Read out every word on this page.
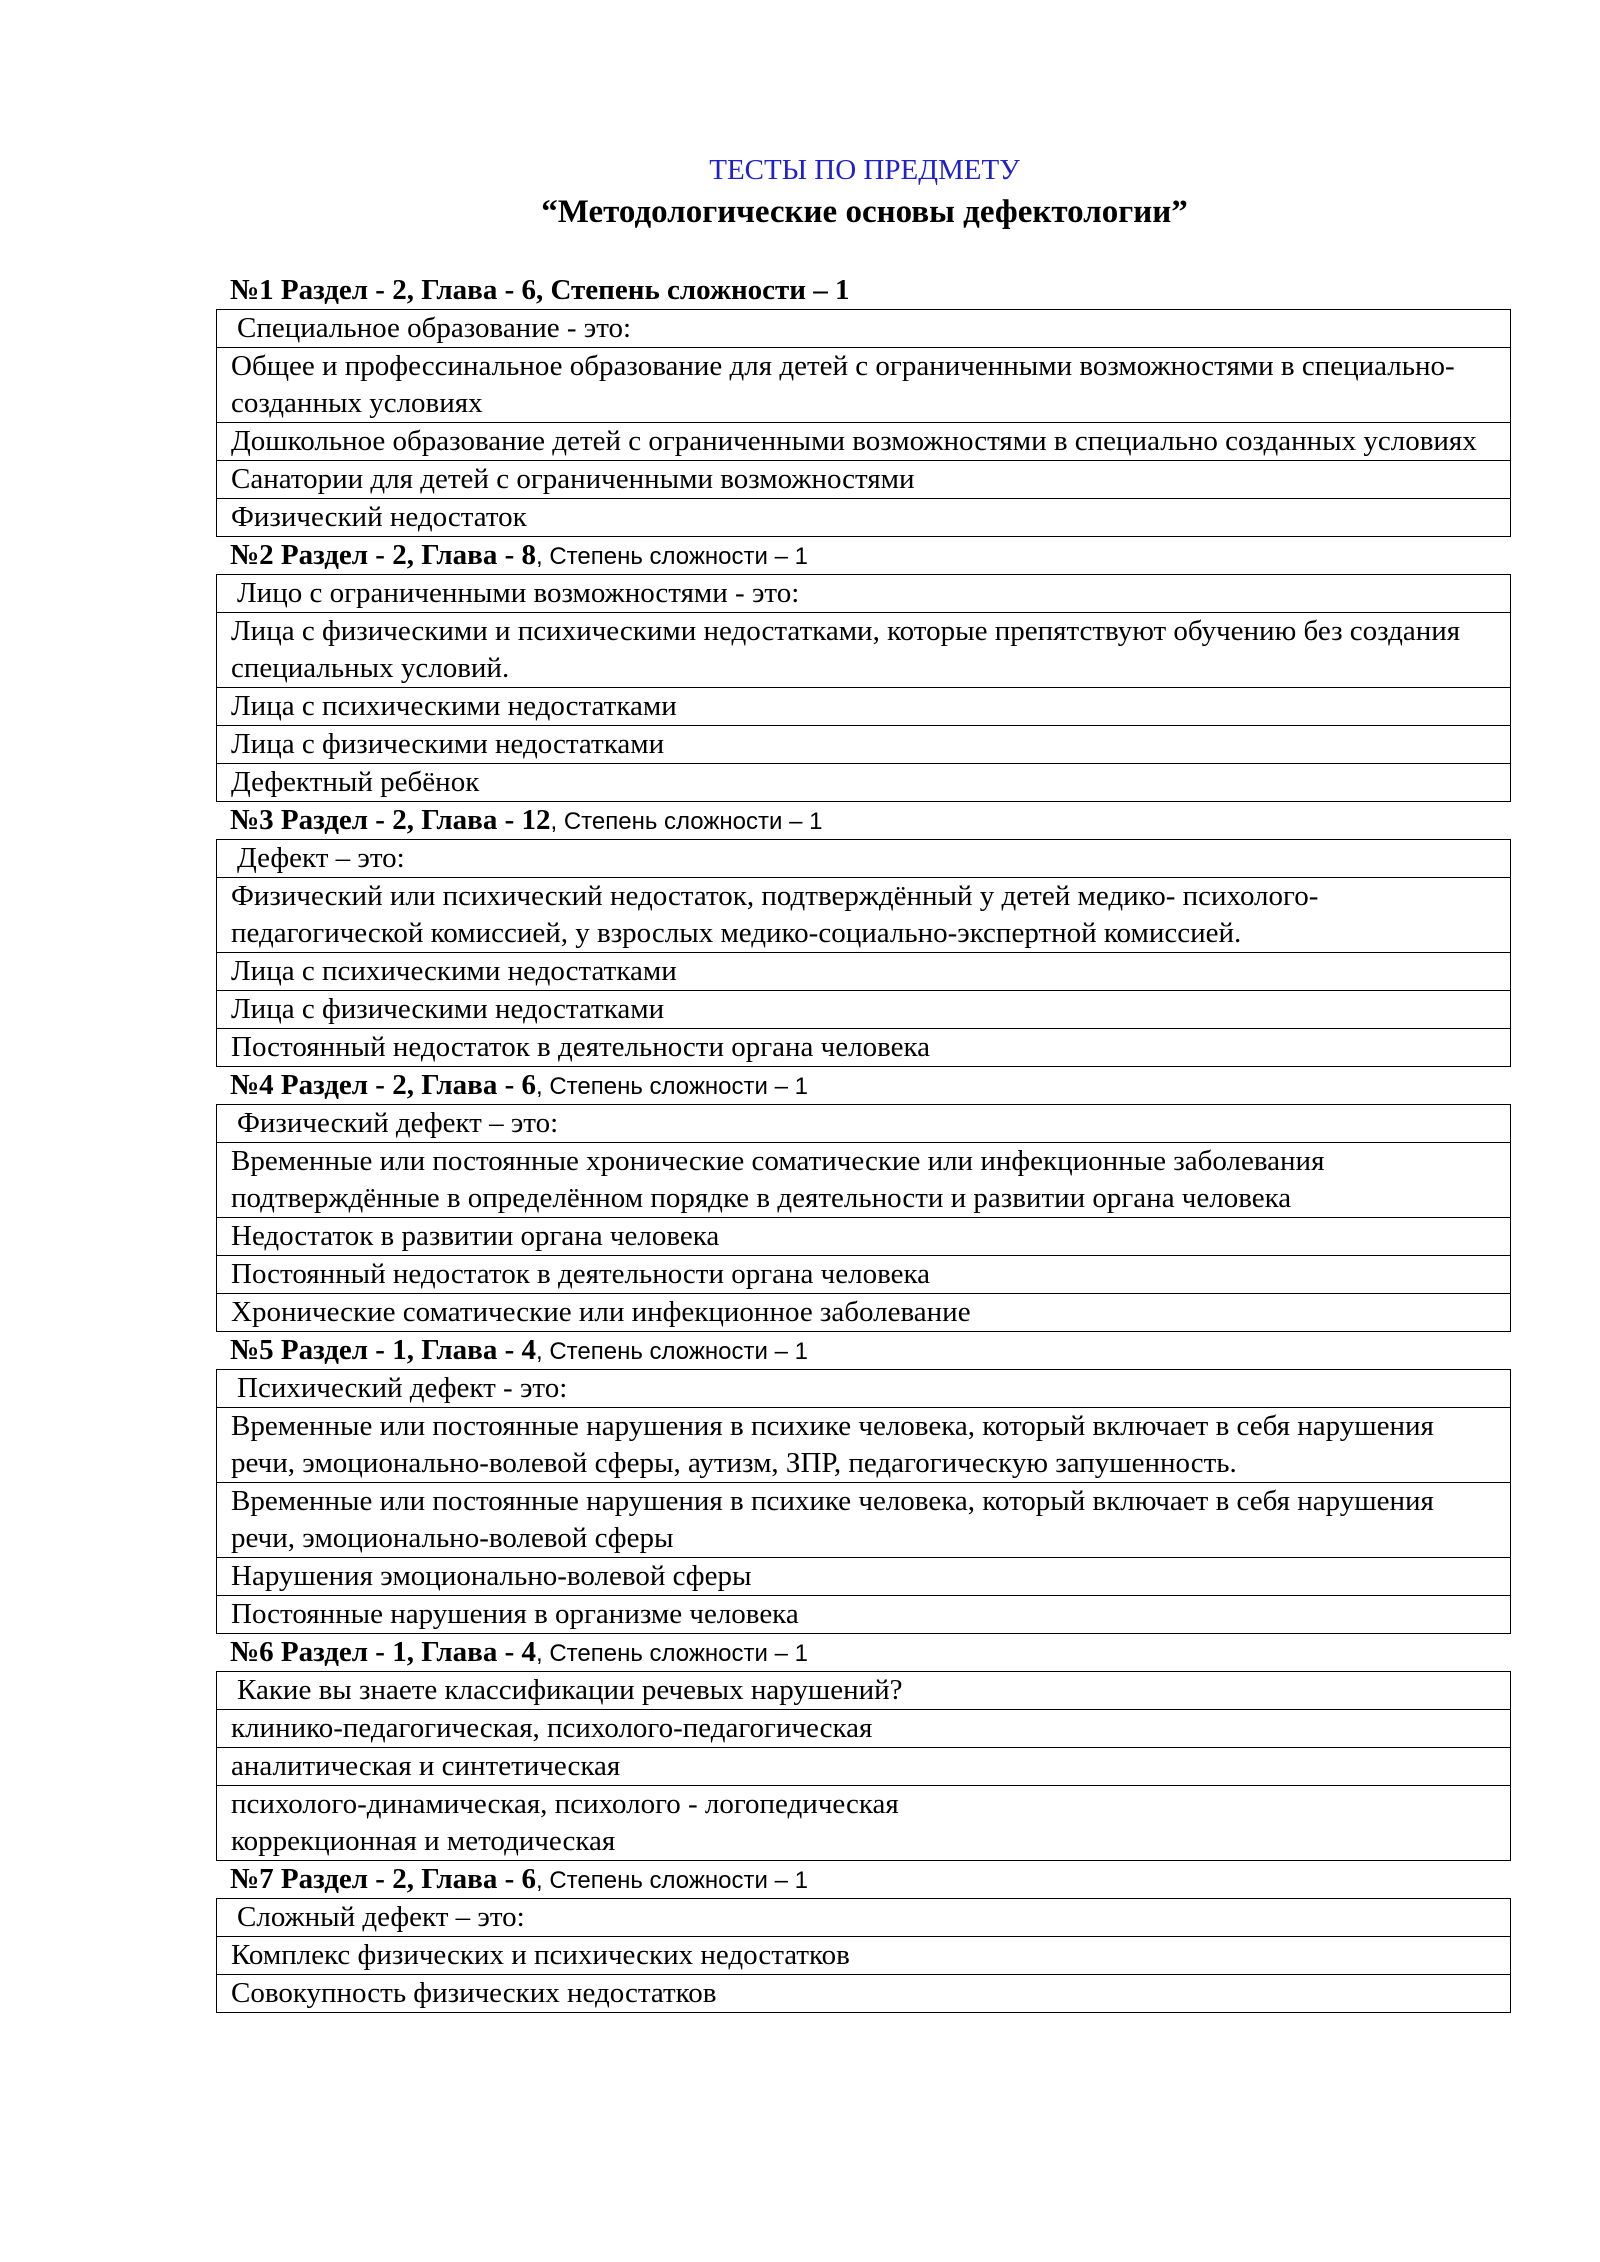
ТЕСТЫ ПО ПРЕДМЕТУ
“Методологические основы дефектологии”
№1 Раздел - 2, Глава - 6, Степень сложности – 1
Специальное образование - это:
Общее и профессинальное образование для детей с ограниченными возможностями в специально-созданных условиях
Дошкольное образование детей с ограниченными возможностями в специально созданных условиях
Санатории для детей с ограниченными возможностями
Физический недостаток
№2 Раздел - 2, Глава - 8, Степень сложности – 1
Лицо с ограниченными возможностями - это:
Лица с физическими и психическими недостатками, которые препятствуют обучению без создания специальных условий.
Лица с психическими недостатками
Лица с физическими недостатками
Дефектный ребёнок
№3 Раздел - 2, Глава - 12, Степень сложности – 1
Дефект – это:
Физический или психический недостаток, подтверждённый у детей медико- психолого-педагогической комиссией, у взрослых медико-социально-экспертной комиссией.
Лица с психическими недостатками
Лица с физическими недостатками
Постоянный недостаток в деятельности органа человека
№4 Раздел - 2, Глава - 6, Степень сложности – 1
Физический дефект – это:
Временные или постоянные хронические соматические или инфекционные заболевания подтверждённые в определённом порядке в деятельности и развитии органа человека
Недостаток в развитии органа человека
Постоянный недостаток в деятельности органа человека
Хронические соматические или инфекционное заболевание
№5 Раздел - 1, Глава - 4, Степень сложности – 1
Психический дефект - это:
Временные или постоянные нарушения в психике человека, который включает в себя нарушения речи, эмоционально-волевой сферы, аутизм, ЗПР, педагогическую запушенность.
Временные или постоянные нарушения в психике человека, который включает в себя нарушения речи, эмоционально-волевой сферы
Нарушения эмоционально-волевой сферы
Постоянные нарушения в организме человека
№6 Раздел - 1, Глава - 4, Степень сложности – 1
Какие вы знаете классификации речевых нарушений?
клинико-педагогическая, психолого-педагогическая
аналитическая и синтетическая
психолого-динамическая, психолого - логопедическая
коррекционная и методическая
№7 Раздел - 2, Глава - 6, Степень сложности – 1
Сложный дефект – это:
Комплекс физических и психических недостатков
Совокупность физических недостатков
